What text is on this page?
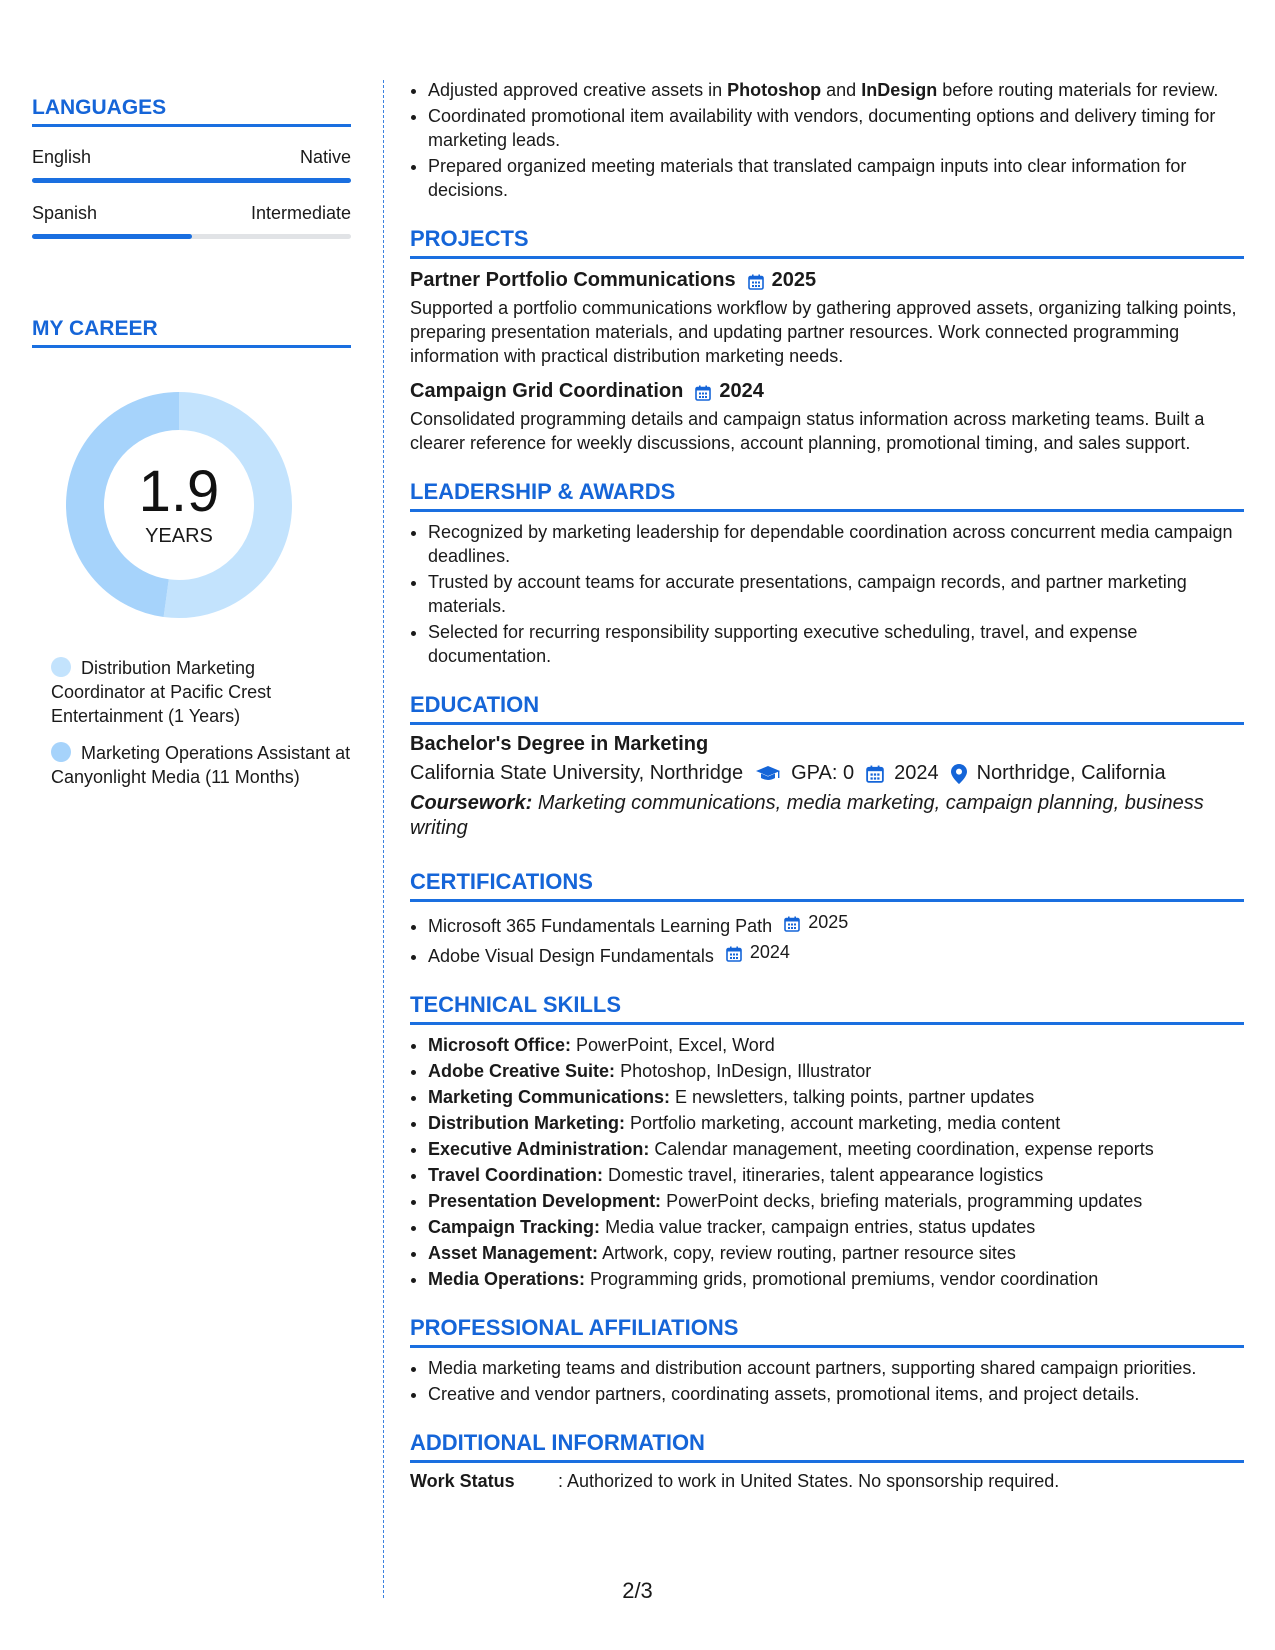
LANGUAGES
English	Native
Spanish	Intermediate
MY CAREER
1.9
YEARS
Distribution Marketing Coordinator at Pacific Crest Entertainment (1 Years)
Marketing Operations Assistant at Canyonlight Media (11 Months)
• Adjusted approved creative assets in Photoshop and InDesign before routing materials for review.
• Coordinated promotional item availability with vendors, documenting options and delivery timing for marketing leads.
• Prepared organized meeting materials that translated campaign inputs into clear information for decisions.
PROJECTS
Partner Portfolio Communications 2025
Supported a portfolio communications workflow by gathering approved assets, organizing talking points, preparing presentation materials, and updating partner resources. Work connected programming information with practical distribution marketing needs.
Campaign Grid Coordination 2024
Consolidated programming details and campaign status information across marketing teams. Built a clearer reference for weekly discussions, account planning, promotional timing, and sales support.
LEADERSHIP & AWARDS
• Recognized by marketing leadership for dependable coordination across concurrent media campaign deadlines.
• Trusted by account teams for accurate presentations, campaign records, and partner marketing materials.
• Selected for recurring responsibility supporting executive scheduling, travel, and expense documentation.
EDUCATION
Bachelor's Degree in Marketing
California State University, Northridge GPA: 0 2024 Northridge, California
Coursework: Marketing communications, media marketing, campaign planning, business writing
CERTIFICATIONS
• Microsoft 365 Fundamentals Learning Path 2025
• Adobe Visual Design Fundamentals 2024
TECHNICAL SKILLS
• Microsoft Office: PowerPoint, Excel, Word
• Adobe Creative Suite: Photoshop, InDesign, Illustrator
• Marketing Communications: E newsletters, talking points, partner updates
• Distribution Marketing: Portfolio marketing, account marketing, media content
• Executive Administration: Calendar management, meeting coordination, expense reports
• Travel Coordination: Domestic travel, itineraries, talent appearance logistics
• Presentation Development: PowerPoint decks, briefing materials, programming updates
• Campaign Tracking: Media value tracker, campaign entries, status updates
• Asset Management: Artwork, copy, review routing, partner resource sites
• Media Operations: Programming grids, promotional premiums, vendor coordination
PROFESSIONAL AFFILIATIONS
• Media marketing teams and distribution account partners, supporting shared campaign priorities.
• Creative and vendor partners, coordinating assets, promotional items, and project details.
ADDITIONAL INFORMATION
Work Status	: Authorized to work in United States. No sponsorship required.
2/3
